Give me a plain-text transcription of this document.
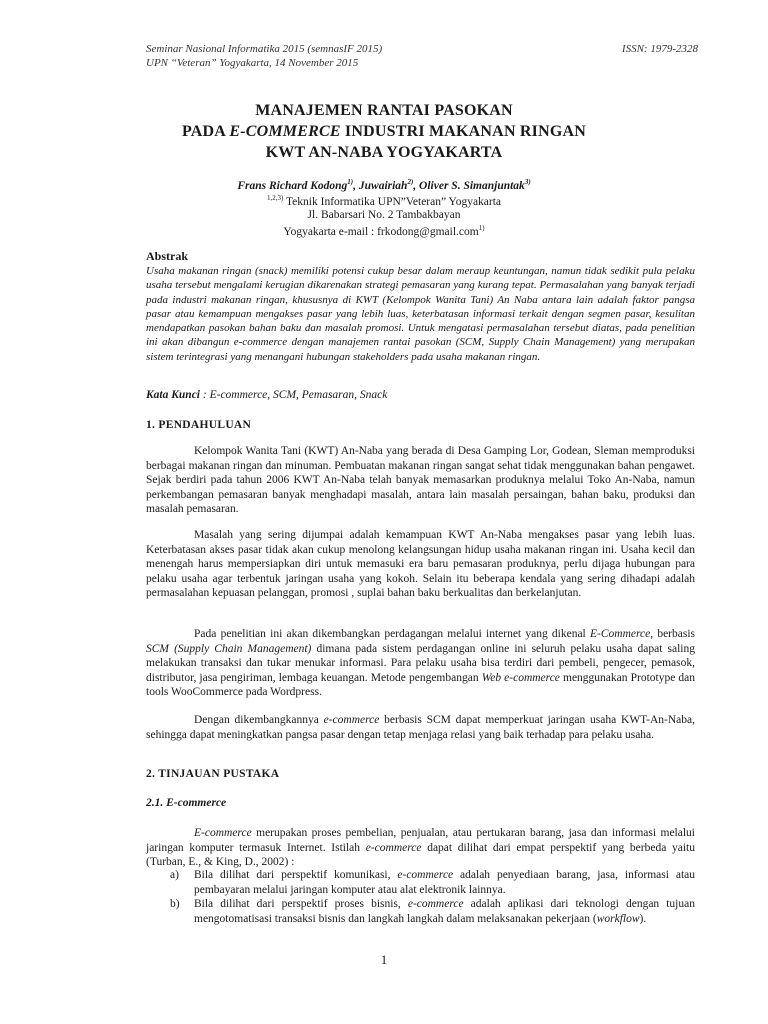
Seminar Nasional Informatika 2015 (semnasIF 2015)
UPN “Veteran” Yogyakarta, 14 November 2015
ISSN: 1979-2328
MANAJEMEN RANTAI PASOKAN
PADA E-COMMERCE INDUSTRI MAKANAN RINGAN
KWT AN-NABA YOGYAKARTA
Frans Richard Kodong$^{1)}$, Juwairiah$^{2)}$, Oliver S. Simanjuntak$^{3)}$
$^{1,2,3)}$ Teknik Informatika UPN”Veteran” Yogyakarta
Jl. Babarsari No. 2 Tambakbayan
Yogyakarta e-mail : frkodong@gmail.com$^{1)}$
Abstrak

Usaha makanan ringan (snack) memiliki potensi cukup besar dalam meraup keuntungan, namun tidak sedikit pula pelaku usaha tersebut mengalami kerugian dikarenakan strategi pemasaran yang kurang tepat. Permasalahan yang banyak terjadi pada industri makanan ringan, khususnya di KWT (Kelompok Wanita Tani) An Naba antara lain adalah faktor pangsa pasar atau kemampuan mengakses pasar yang lebih luas, keterbatasan informasi terkait dengan segmen pasar, kesulitan mendapatkan pasokan bahan baku dan masalah promosi. Untuk mengatasi permasalahan tersebut diatas, pada penelitian ini akan dibangun e-commerce dengan manajemen rantai pasokan (SCM, Supply Chain Management) yang merupakan sistem terintegrasi yang menangani hubungan stakeholders pada usaha makanan ringan.

Kata Kunci : E-commerce, SCM, Pemasaran, Snack
1. PENDAHULUAN

Kelompok Wanita Tani (KWT) An-Naba yang berada di Desa Gamping Lor, Godean, Sleman memproduksi berbagai makanan ringan dan minuman. Pembuatan makanan ringan sangat sehat tidak menggunakan bahan pengawet. Sejak berdiri pada tahun 2006 KWT An-Naba telah banyak memasarkan produknya melalui Toko An-Naba, namun perkembangan pemasaran banyak menghadapi masalah, antara lain masalah persaingan, bahan baku, produksi dan masalah pemasaran.

Masalah yang sering dijumpai adalah kemampuan KWT An-Naba mengakses pasar yang lebih luas. Keterbatasan akses pasar tidak akan cukup menolong kelangsungan hidup usaha makanan ringan ini. Usaha kecil dan menengah harus mempersiapkan diri untuk memasuki era baru pemasaran produknya, perlu dijaga hubungan para pelaku usaha agar terbentuk jaringan usaha yang kokoh. Selain itu beberapa kendala yang sering dihadapi adalah permasalahan kepuasan pelanggan, promosi , suplai bahan baku berkualitas dan berkelanjutan.

Pada penelitian ini akan dikembangkan perdagangan melalui internet yang dikenal E-Commerce, berbasis SCM (Supply Chain Management) dimana pada sistem perdagangan online ini seluruh pelaku usaha dapat saling melakukan transaksi dan tukar menukar informasi. Para pelaku usaha bisa terdiri dari pembeli, pengecer, pemasok, distributor, jasa pengiriman, lembaga keuangan. Metode pengembangan Web e-commerce menggunakan Prototype dan tools WooCommerce pada Wordpress.

Dengan dikembangkannya e-commerce berbasis SCM dapat memperkuat jaringan usaha KWT-An-Naba, sehingga dapat meningkatkan pangsa pasar dengan tetap menjaga relasi yang baik terhadap para pelaku usaha.

2. TINJAUAN PUSTAKA
2.1. E-commerce

E-commerce merupakan proses pembelian, penjualan, atau pertukaran barang, jasa dan informasi melalui jaringan komputer termasuk Internet. Istilah e-commerce dapat dilihat dari empat perspektif yang berbeda yaitu (Turban, E., & King, D., 2002) :

a) Bila dilihat dari perspektif komunikasi, e-commerce adalah penyediaan barang, jasa, informasi atau pembayaran melalui jaringan komputer atau alat elektronik lainnya.
b) Bila dilihat dari perspektif proses bisnis, e-commerce adalah aplikasi dari teknologi dengan tujuan mengotomatisasi transaksi bisnis dan langkah langkah dalam melaksanakan pekerjaan (workflow).
1
